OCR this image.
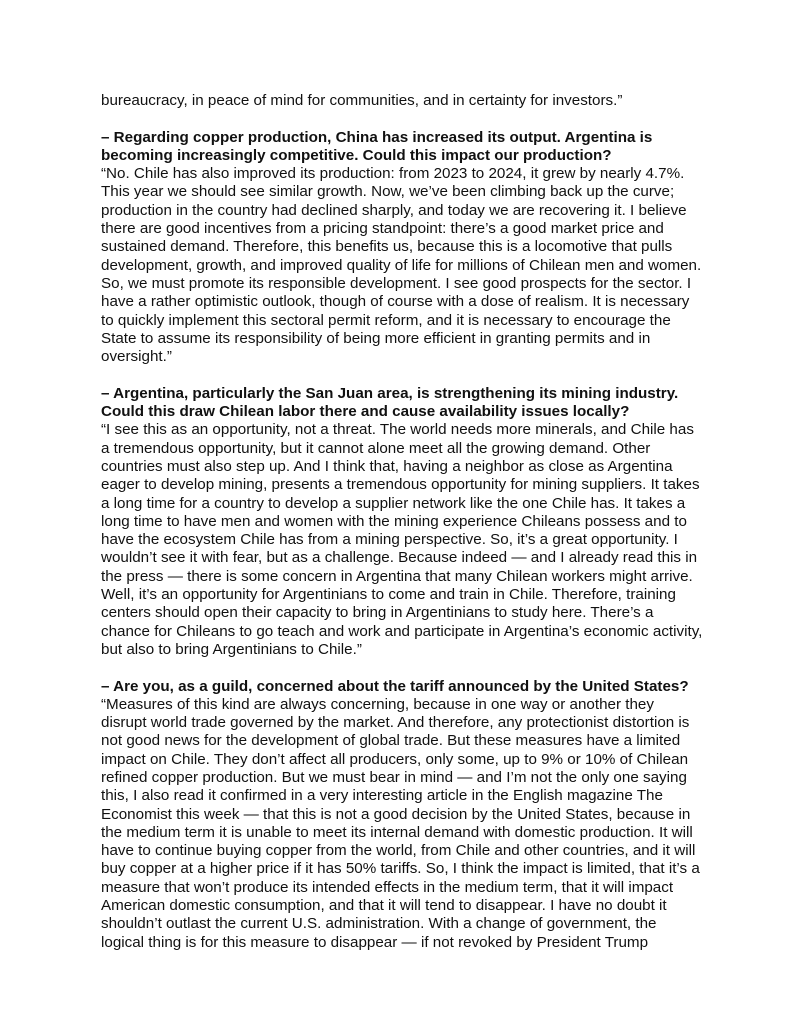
bureaucracy, in peace of mind for communities, and in certainty for investors.”

– Regarding copper production, China has increased its output. Argentina is becoming increasingly competitive. Could this impact our production?

“No. Chile has also improved its production: from 2023 to 2024, it grew by nearly 4.7%. This year we should see similar growth. Now, we’ve been climbing back up the curve; production in the country had declined sharply, and today we are recovering it. I believe there are good incentives from a pricing standpoint: there’s a good market price and sustained demand. Therefore, this benefits us, because this is a locomotive that pulls development, growth, and improved quality of life for millions of Chilean men and women. So, we must promote its responsible development. I see good prospects for the sector. I have a rather optimistic outlook, though of course with a dose of realism. It is necessary to quickly implement this sectoral permit reform, and it is necessary to encourage the State to assume its responsibility of being more efficient in granting permits and in oversight.”

– Argentina, particularly the San Juan area, is strengthening its mining industry. Could this draw Chilean labor there and cause availability issues locally?

“I see this as an opportunity, not a threat. The world needs more minerals, and Chile has a tremendous opportunity, but it cannot alone meet all the growing demand. Other countries must also step up. And I think that, having a neighbor as close as Argentina eager to develop mining, presents a tremendous opportunity for mining suppliers. It takes a long time for a country to develop a supplier network like the one Chile has. It takes a long time to have men and women with the mining experience Chileans possess and to have the ecosystem Chile has from a mining perspective. So, it’s a great opportunity. I wouldn’t see it with fear, but as a challenge. Because indeed — and I already read this in the press — there is some concern in Argentina that many Chilean workers might arrive. Well, it’s an opportunity for Argentinians to come and train in Chile. Therefore, training centers should open their capacity to bring in Argentinians to study here. There’s a chance for Chileans to go teach and work and participate in Argentina’s economic activity, but also to bring Argentinians to Chile.”

– Are you, as a guild, concerned about the tariff announced by the United States?

“Measures of this kind are always concerning, because in one way or another they disrupt world trade governed by the market. And therefore, any protectionist distortion is not good news for the development of global trade. But these measures have a limited impact on Chile. They don’t affect all producers, only some, up to 9% or 10% of Chilean refined copper production. But we must bear in mind — and I’m not the only one saying this, I also read it confirmed in a very interesting article in the English magazine The Economist this week — that this is not a good decision by the United States, because in the medium term it is unable to meet its internal demand with domestic production. It will have to continue buying copper from the world, from Chile and other countries, and it will buy copper at a higher price if it has 50% tariffs. So, I think the impact is limited, that it’s a measure that won’t produce its intended effects in the medium term, that it will impact American domestic consumption, and that it will tend to disappear. I have no doubt it shouldn’t outlast the current U.S. administration. With a change of government, the logical thing is for this measure to disappear — if not revoked by President Trump
